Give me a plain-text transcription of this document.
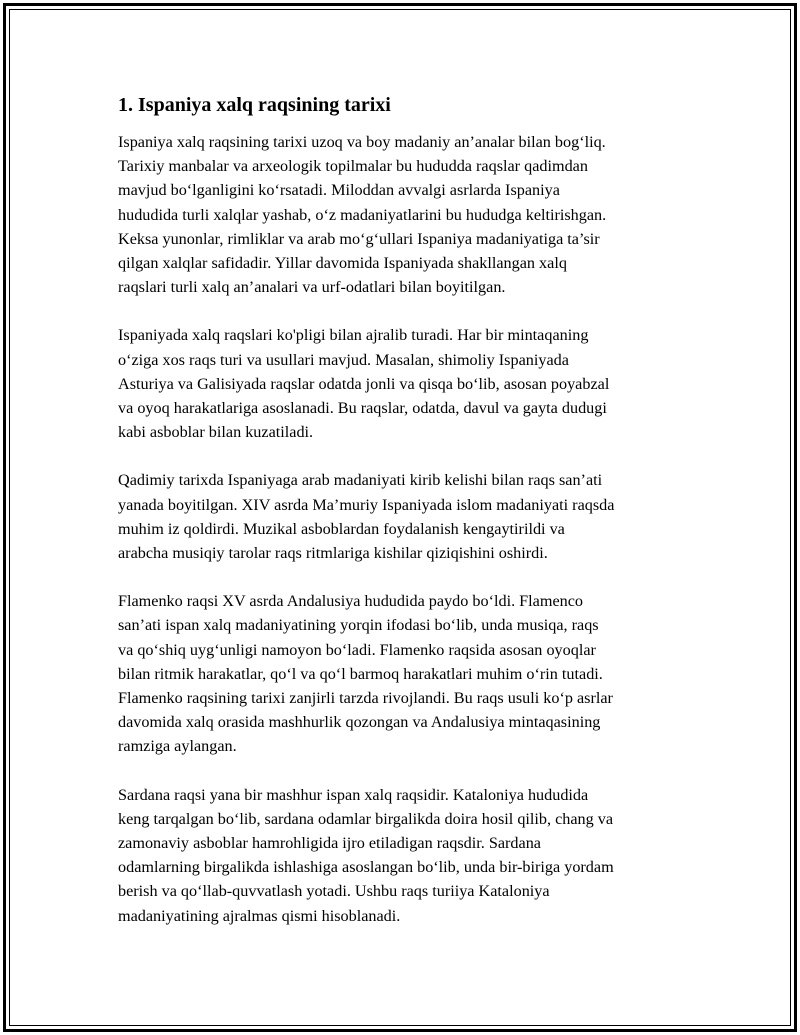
1. Ispaniya xalq raqsining tarixi

Ispaniya xalq raqsining tarixi uzoq va boy madaniy an’analar bilan bog‘liq.
Tarixiy manbalar va arxeologik topilmalar bu hududda raqslar qadimdan
mavjud bo‘lganligini ko‘rsatadi. Miloddan avvalgi asrlarda Ispaniya
hududida turli xalqlar yashab, o‘z madaniyatlarini bu hududga keltirishgan.
Keksa yunonlar, rimliklar va arab mo‘g‘ullari Ispaniya madaniyatiga ta’sir
qilgan xalqlar safidadir. Yillar davomida Ispaniyada shakllangan xalq
raqslari turli xalq an’analari va urf-odatlari bilan boyitilgan.

Ispaniyada xalq raqslari ko'pligi bilan ajralib turadi. Har bir mintaqaning
o‘ziga xos raqs turi va usullari mavjud. Masalan, shimoliy Ispaniyada
Asturiya va Galisiyada raqslar odatda jonli va qisqa bo‘lib, asosan poyabzal
va oyoq harakatlariga asoslanadi. Bu raqslar, odatda, davul va gayta dudugi
kabi asboblar bilan kuzatiladi.

Qadimiy tarixda Ispaniyaga arab madaniyati kirib kelishi bilan raqs san’ati
yanada boyitilgan. XIV asrda Ma’muriy Ispaniyada islom madaniyati raqsda
muhim iz qoldirdi. Muzikal asboblardan foydalanish kengaytirildi va
arabcha musiqiy tarolar raqs ritmlariga kishilar qiziqishini oshirdi.

Flamenko raqsi XV asrda Andalusiya hududida paydo bo‘ldi. Flamenco
san’ati ispan xalq madaniyatining yorqin ifodasi bo‘lib, unda musiqa, raqs
va qo‘shiq uyg‘unligi namoyon bo‘ladi. Flamenko raqsida asosan oyoqlar
bilan ritmik harakatlar, qo‘l va qo‘l barmoq harakatlari muhim o‘rin tutadi.
Flamenko raqsining tarixi zanjirli tarzda rivojlandi. Bu raqs usuli ko‘p asrlar
davomida xalq orasida mashhurlik qozongan va Andalusiya mintaqasining
ramziga aylangan.

Sardana raqsi yana bir mashhur ispan xalq raqsidir. Kataloniya hududida
keng tarqalgan bo‘lib, sardana odamlar birgalikda doira hosil qilib, chang va
zamonaviy asboblar hamrohligida ijro etiladigan raqsdir. Sardana
odamlarning birgalikda ishlashiga asoslangan bo‘lib, unda bir-biriga yordam
berish va qo‘llab-quvvatlash yotadi. Ushbu raqs turiiya Kataloniya
madaniyatining ajralmas qismi hisoblanadi.
